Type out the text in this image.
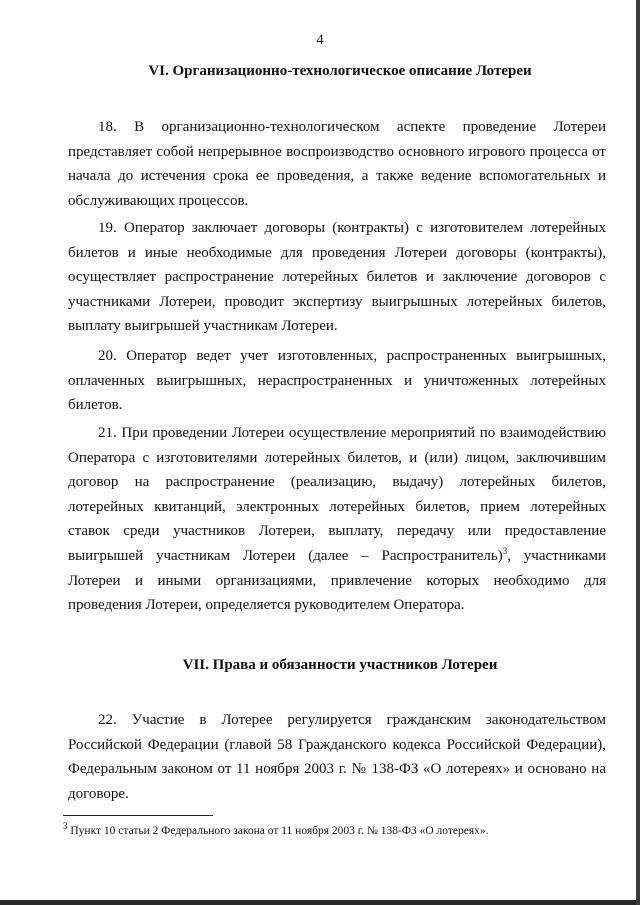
4
VI. Организационно-технологическое описание Лотереи

18. В организационно-технологическом аспекте проведение Лотереи представляет собой непрерывное воспроизводство основного игрового процесса от начала до истечения срока ее проведения, а также ведение вспомогательных и обслуживающих процессов.

19. Оператор заключает договоры (контракты) с изготовителем лотерейных билетов и иные необходимые для проведения Лотереи договоры (контракты), осуществляет распространение лотерейных билетов и заключение договоров с участниками Лотереи, проводит экспертизу выигрышных лотерейных билетов, выплату выигрышей участникам Лотереи.

20. Оператор ведет учет изготовленных, распространенных выигрышных, оплаченных выигрышных, нераспространенных и уничтоженных лотерейных билетов.

21. При проведении Лотереи осуществление мероприятий по взаимодействию Оператора с изготовителями лотерейных билетов, и (или) лицом, заключившим договор на распространение (реализацию, выдачу) лотерейных билетов, лотерейных квитанций, электронных лотерейных билетов, прием лотерейных ставок среди участников Лотереи, выплату, передачу или предоставление выигрышей участникам Лотереи (далее – Распространитель)$^3$, участниками Лотереи и иными организациями, привлечение которых необходимо для проведения Лотереи, определяется руководителем Оператора.

VII. Права и обязанности участников Лотереи

22. Участие в Лотерее регулируется гражданским законодательством Российской Федерации (главой 58 Гражданского кодекса Российской Федерации), Федеральным законом от 11 ноября 2003 г. № 138-ФЗ «О лотереях» и основано на договоре.

$^3$ Пункт 10 статьи 2 Федерального закона от 11 ноября 2003 г. № 138-ФЗ «О лотереях».
